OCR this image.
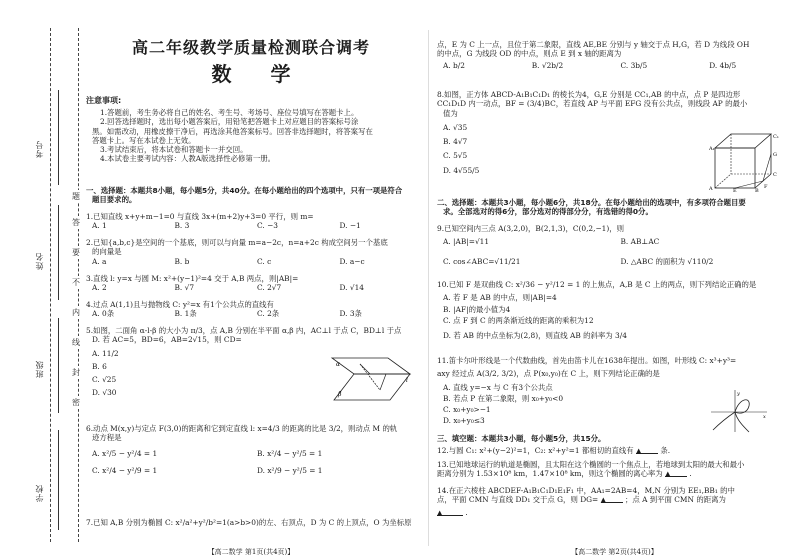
考号
姓名
班级
学校
题
答
要
不
内
线
封
密
高二年级教学质量检测联合调考
数 学
注意事项:
1.答题前，考生务必将自己的姓名、考生号、考场号、座位号填写在答题卡上。
2.回答选择题时，选出每小题答案后，用铅笔把答题卡上对应题目的答案标号涂
黑。如需改动，用橡皮擦干净后，再选涂其他答案标号。回答非选择题时，将答案写在
答题卡上。写在本试卷上无效。
3.考试结束后，将本试卷和答题卡一并交回。
4.本试卷主要考试内容：人教A版选择性必修第一册。
一、选择题：本题共8小题，每小题5分，共40分。在每小题给出的四个选项中，只有一项是符合
题目要求的。
1.已知直线 x+y+m−1=0 与直线 3x+(m+2)y+3=0 平行，则 m=
A. 1	B. 3	C. −3	D. −1
2.已知{a,b,c}是空间的一个基底，则可以与向量 m=a−2c，n=a+2c 构成空间另一个基底
的向量是
A. a	B. b	C. c	D. a−c
3.直线 l: y=x 与圆 M: x²+(y−1)²=4 交于 A,B 两点，则|AB|=
A. 2	B. √7	C. 2√7	D. √14
4.过点 A(1,1)且与抛物线 C: y²=x 有1个公共点的直线有
A. 0条	B. 1条	C. 2条	D. 3条
5.如图，二面角 α-l-β 的大小为 π/3，点 A,B 分别在半平面 α,β 内，AC⊥l 于点 C，BD⊥l 于点
D. 若 AC=5，BD=6，AB=2√15，则 CD=
A. 11/2
B. 6
C. √25
D. √30
α
β
l
6.动点 M(x,y)与定点 F(3,0)的距离和它到定直线 l: x=4/3 的距离的比是 3/2，则动点 M 的轨
迹方程是
A. x²/5 − y²/4 = 1	B. x²/4 − y²/5 = 1
C. x²/4 − y²/9 = 1	D. x²/9 − y²/5 = 1
7.已知 A,B 分别为椭圆 C: x²/a²+y²/b²=1(a>b>0)的左、右顶点，D 为 C 的上顶点，O 为坐标原
【高二数学 第1页(共4页)】
点，E 为 C 上一点，且位于第二象限，直线 AE,BE 分别与 y 轴交于点 H,G，若 D 为线段 OH
的中点，G 为线段 OD 的中点，则点 E 到 x 轴的距离为
A. b/2	B. √2b/2	C. 3b/5	D. 4b/5
8.如图，正方体 ABCD-A₁B₁C₁D₁ 的棱长为4，G,E 分别是 CC₁,AB 的中点，点 P 是四边形
CC₁D₁D 内一动点，BF = (3/4)BC，若直线 AP 与平面 EFG 没有公共点，则线段 AP 的最小
值为
A. √35
B. 4√7
C. 5√5
D. 4√55/5
A₁
A	B
C₁
C
E
F
G
二、选择题：本题共3小题，每小题6分，共18分。在每小题给出的选项中，有多项符合题目要
求。全部选对的得6分，部分选对的得部分分，有选错的得0分。
9.已知空间内三点 A(3,2,0)，B(2,1,3)，C(0,2,−1)，则
A. |AB|=√11	B. AB⊥AC
C. cos∠ABC=√11/21	D. △ABC 的面积为 √110/2
10.已知 F 是双曲线 C: x²/36 − y²/12 = 1 的上焦点，A,B 是 C 上的两点，则下列结论正确的是
A. 若 F 是 AB 的中点，则|AB|=4
B. |AF|的最小值为4
C. 点 F 到 C 的两条渐近线的距离的乘积为12
D. 若 AB 的中点坐标为(2,8)，则直线 AB 的斜率为 3/4
11.笛卡尔叶形线是一个代数曲线，首先由笛卡儿在1638年提出。如图，叶形线 C: x³+y³=
axy 经过点 A(3/2, 3/2)，点 P(x₀,y₀)在 C 上，则下列结论正确的是
A. 直线 y=−x 与 C 有3个公共点
B. 若点 P 在第二象限，则 x₀+y₀<0
C. x₀+y₀>−1
D. x₀+y₀≤3	x
y
三、填空题：本题共3小题，每小题5分，共15分。
12.与圆 C₁: x²+(y−2)²=1，C₂: x²+y²=1 都相切的直线有 ▲	条.
13.已知地球运行的轨道是椭圆，且太阳在这个椭圆的一个焦点上，若地球到太阳的最大和最小
距离分别为 1.53×10⁸ km，1.47×10⁸ km，则这个椭圆的离心率为 ▲	.
14.在正六棱柱 ABCDEF-A₁B₁C₁D₁E₁F₁ 中，AA₁=2AB=4，M,N 分别为 EE₁,BB₁ 的中
点，平面 CMN 与直线 DD₁ 交于点 G，则 DG= ▲	；点 A 到平面 CMN 的距离为
▲	.
【高二数学 第2页(共4页)】
